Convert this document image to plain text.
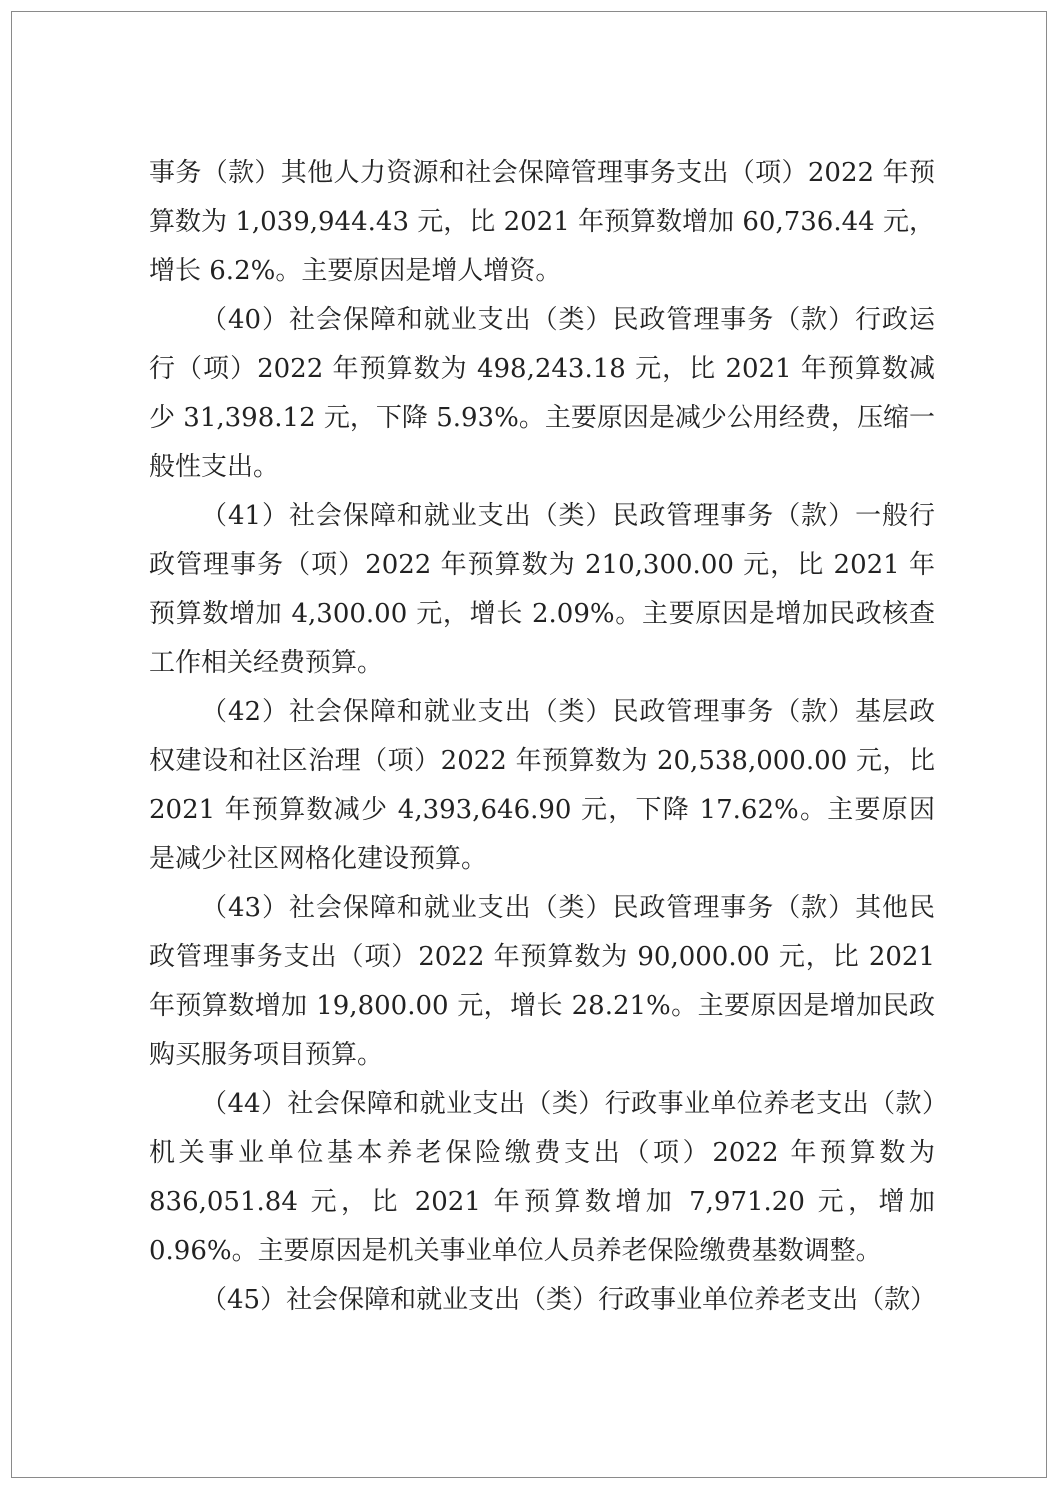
事务（款）其他人力资源和社会保障管理事务支出（项）2022 年预算数为 1,039,944.43 元，比 2021 年预算数增加 60,736.44 元，增长 6.2%。主要原因是增人增资。

（40）社会保障和就业支出（类）民政管理事务（款）行政运行（项）2022 年预算数为 498,243.18 元，比 2021 年预算数减少 31,398.12 元，下降 5.93%。主要原因是减少公用经费，压缩一般性支出。

（41）社会保障和就业支出（类）民政管理事务（款）一般行政管理事务（项）2022 年预算数为 210,300.00 元，比 2021 年预算数增加 4,300.00 元，增长 2.09%。主要原因是增加民政核查工作相关经费预算。

（42）社会保障和就业支出（类）民政管理事务（款）基层政权建设和社区治理（项）2022 年预算数为 20,538,000.00 元，比 2021 年预算数减少 4,393,646.90 元，下降 17.62%。主要原因是减少社区网格化建设预算。

（43）社会保障和就业支出（类）民政管理事务（款）其他民政管理事务支出（项）2022 年预算数为 90,000.00 元，比 2021 年预算数增加 19,800.00 元，增长 28.21%。主要原因是增加民政购买服务项目预算。

（44）社会保障和就业支出（类）行政事业单位养老支出（款）机关事业单位基本养老保险缴费支出（项）2022 年预算数为 836,051.84 元，比 2021 年预算数增加 7,971.20 元，增加 0.96%。主要原因是机关事业单位人员养老保险缴费基数调整。

（45）社会保障和就业支出（类）行政事业单位养老支出（款）
